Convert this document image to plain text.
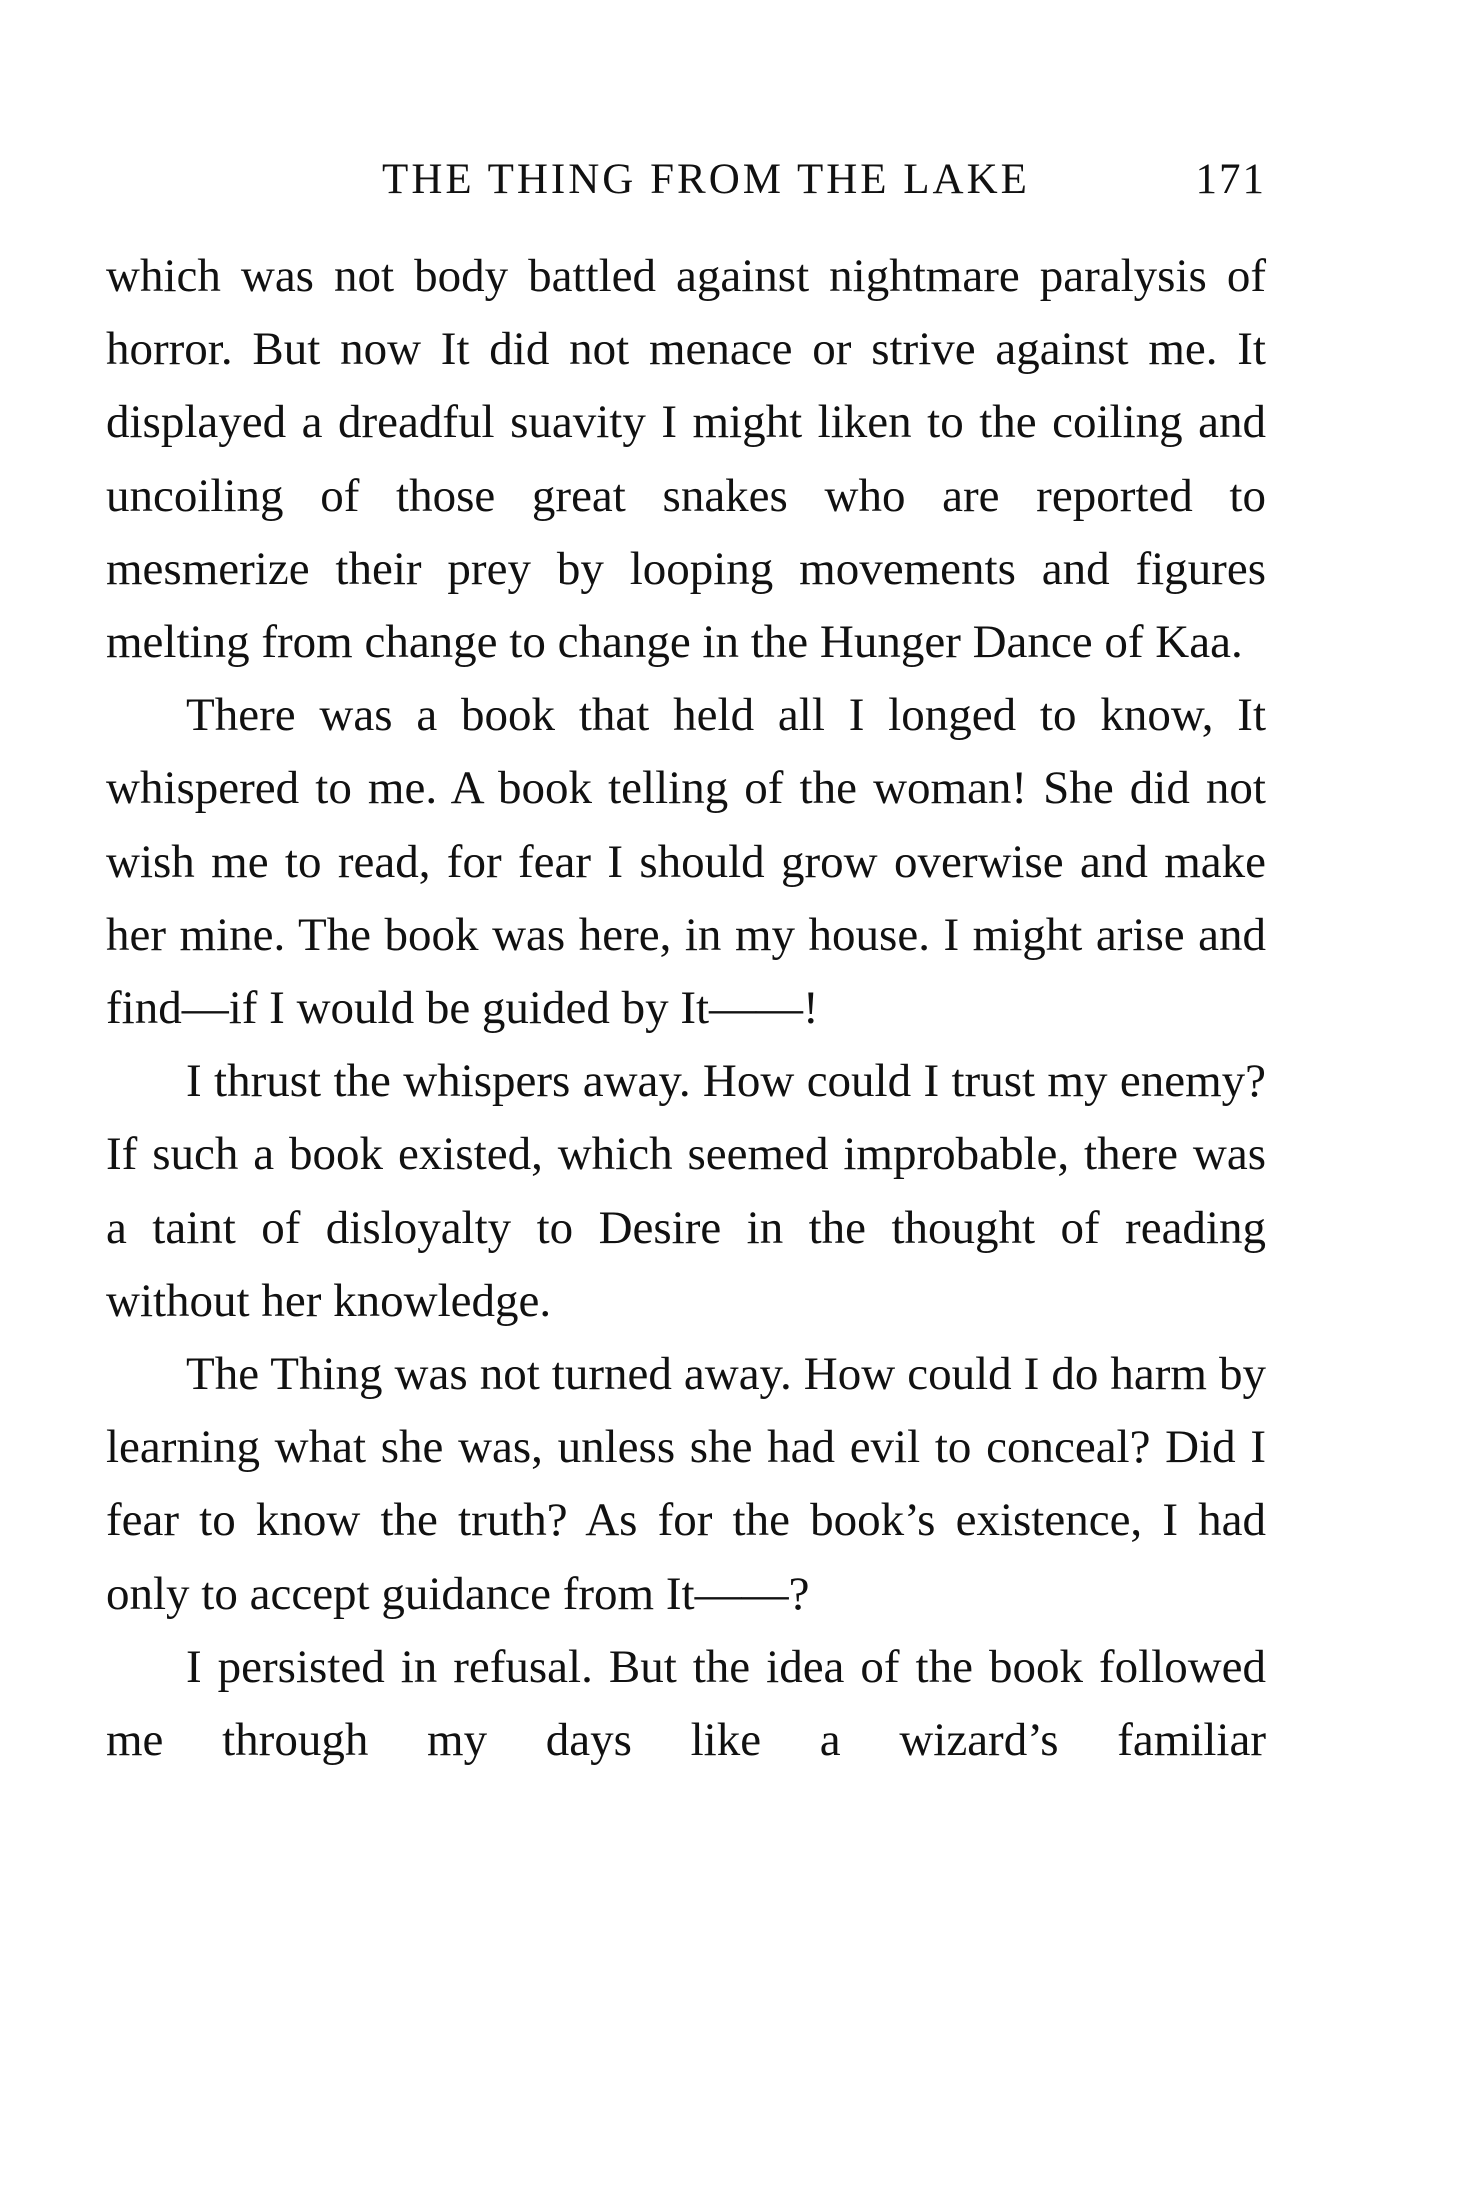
THE THING FROM THE LAKE	171

which was not body battled against nightmare paralysis of horror. But now It did not menace or strive against me. It displayed a dreadful suavity I might liken to the coiling and uncoiling of those great snakes who are reported to mesmerize their prey by looping movements and figures melting from change to change in the Hunger Dance of Kaa.

There was a book that held all I longed to know, It whispered to me. A book telling of the woman! She did not wish me to read, for fear I should grow overwise and make her mine. The book was here, in my house. I might arise and find—if I would be guided by It——!

I thrust the whispers away. How could I trust my enemy? If such a book existed, which seemed improbable, there was a taint of disloyalty to Desire in the thought of reading without her knowledge.

The Thing was not turned away. How could I do harm by learning what she was, unless she had evil to conceal? Did I fear to know the truth? As for the book’s existence, I had only to accept guidance from It——?

I persisted in refusal. But the idea of the book followed me through my days like a wizard’s familiar
